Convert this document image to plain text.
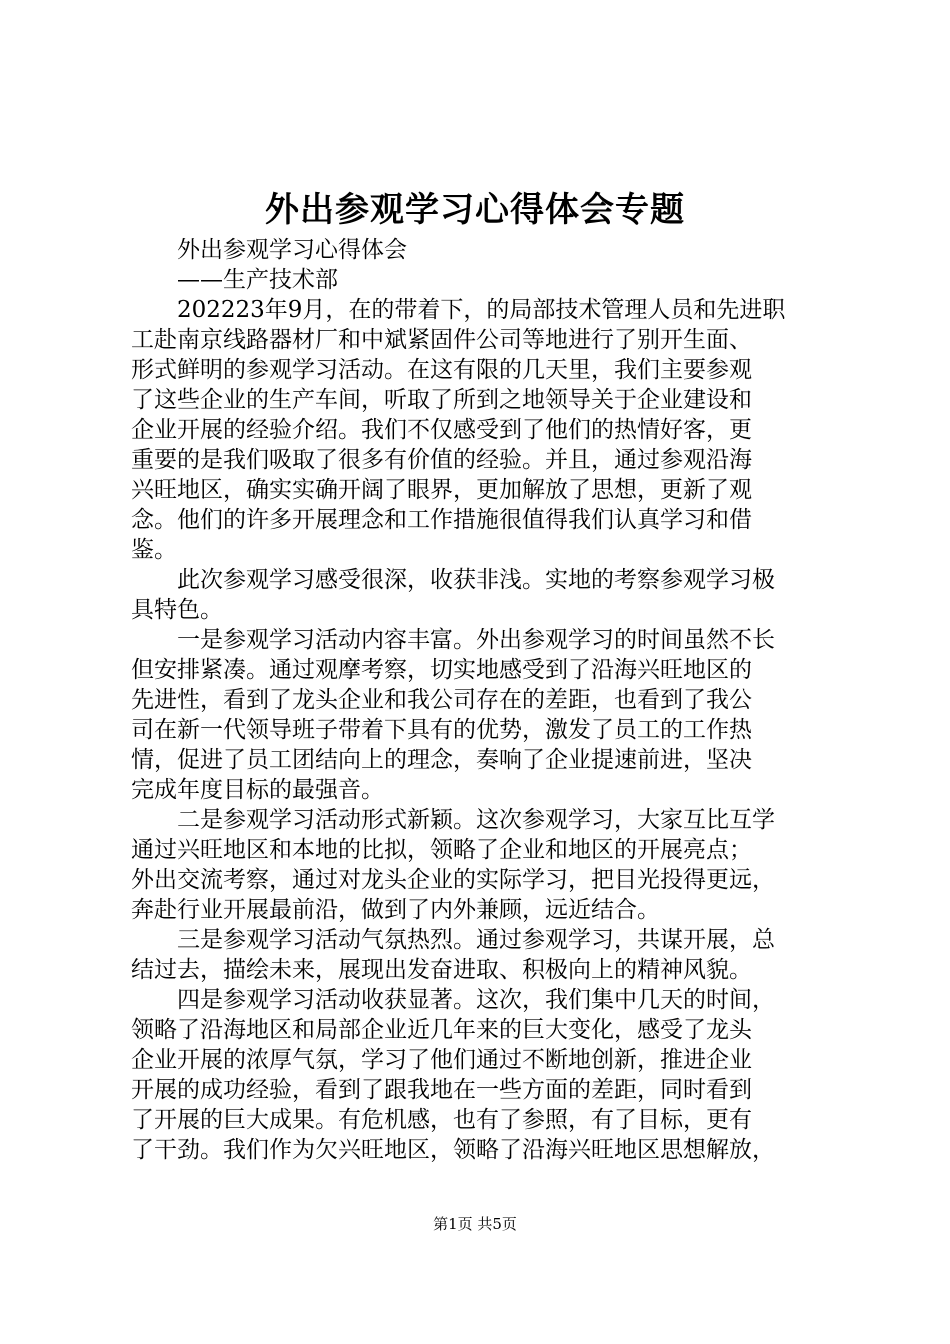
外出参观学习心得体会专题
外出参观学习心得体会
——生产技术部
202223年9月，在的带着下，的局部技术管理人员和先进职
工赴南京线路器材厂和中斌紧固件公司等地进行了别开生面、
形式鲜明的参观学习活动。在这有限的几天里，我们主要参观
了这些企业的生产车间，听取了所到之地领导关于企业建设和
企业开展的经验介绍。我们不仅感受到了他们的热情好客，更
重要的是我们吸取了很多有价值的经验。并且，通过参观沿海
兴旺地区，确实实确开阔了眼界，更加解放了思想，更新了观
念。他们的许多开展理念和工作措施很值得我们认真学习和借
鉴。
此次参观学习感受很深，收获非浅。实地的考察参观学习极
具特色。
一是参观学习活动内容丰富。外出参观学习的时间虽然不长
但安排紧凑。通过观摩考察，切实地感受到了沿海兴旺地区的
先进性，看到了龙头企业和我公司存在的差距，也看到了我公
司在新一代领导班子带着下具有的优势，激发了员工的工作热
情，促进了员工团结向上的理念，奏响了企业提速前进，坚决
完成年度目标的最强音。
二是参观学习活动形式新颖。这次参观学习，大家互比互学
通过兴旺地区和本地的比拟，领略了企业和地区的开展亮点；
外出交流考察，通过对龙头企业的实际学习，把目光投得更远，
奔赴行业开展最前沿，做到了内外兼顾，远近结合。
三是参观学习活动气氛热烈。通过参观学习，共谋开展，总
结过去，描绘未来，展现出发奋进取、积极向上的精神风貌。
四是参观学习活动收获显著。这次，我们集中几天的时间，
领略了沿海地区和局部企业近几年来的巨大变化，感受了龙头
企业开展的浓厚气氛，学习了他们通过不断地创新，推进企业
开展的成功经验，看到了跟我地在一些方面的差距，同时看到
了开展的巨大成果。有危机感，也有了参照，有了目标，更有
了干劲。我们作为欠兴旺地区，领略了沿海兴旺地区思想解放，
第1页 共5页
